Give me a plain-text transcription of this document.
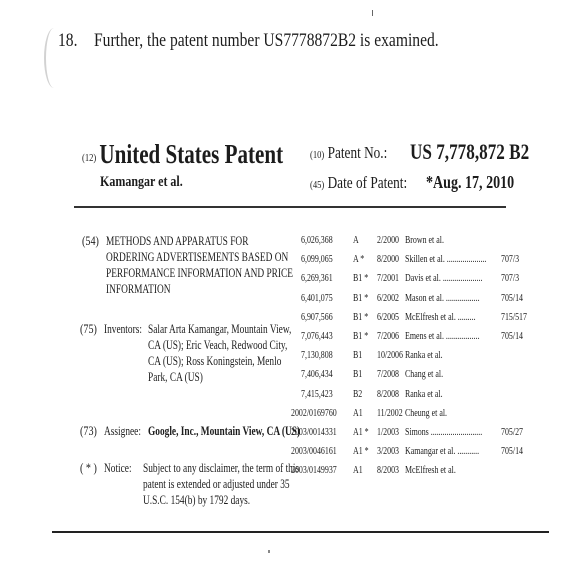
18. Further, the patent number US7778872B2 is examined.
(12) United States Patent
Kamangar et al.
(10) Patent No.: US 7,778,872 B2
(45) Date of Patent: *Aug. 17, 2010
(54) METHODS AND APPARATUS FOR
ORDERING ADVERTISEMENTS BASED ON
PERFORMANCE INFORMATION AND PRICE
INFORMATION
(75) Inventors: Salar Arta Kamangar, Mountain View,
CA (US); Eric Veach, Redwood City,
CA (US); Ross Koningstein, Menlo
Park, CA (US)
(73) Assignee: Google, Inc., Mountain View, CA (US)
( * ) Notice: Subject to any disclaimer, the term of this
patent is extended or adjusted under 35
U.S.C. 154(b) by 1792 days.
6,026,368 A 2/2000 Brown et al.
6,099,065 A * 8/2000 Skillen et al. .................... 707/3
6,269,361 B1 * 7/2001 Davis et al. .................... 707/3
6,401,075 B1 * 6/2002 Mason et al. ................. 705/14
6,907,566 B1 * 6/2005 McElfresh et al. ......... 715/517
7,076,443 B1 * 7/2006 Emens et al. ................. 705/14
7,130,808 B1 10/2006 Ranka et al.
7,406,434 B1 7/2008 Chang et al.
7,415,423 B2 8/2008 Ranka et al.
2002/0169760 A1 11/2002 Cheung et al.
2003/0014331 A1 * 1/2003 Simons .......................... 705/27
2003/0046161 A1 * 3/2003 Kamangar et al. ........... 705/14
2003/0149937 A1 8/2003 McElfresh et al.
